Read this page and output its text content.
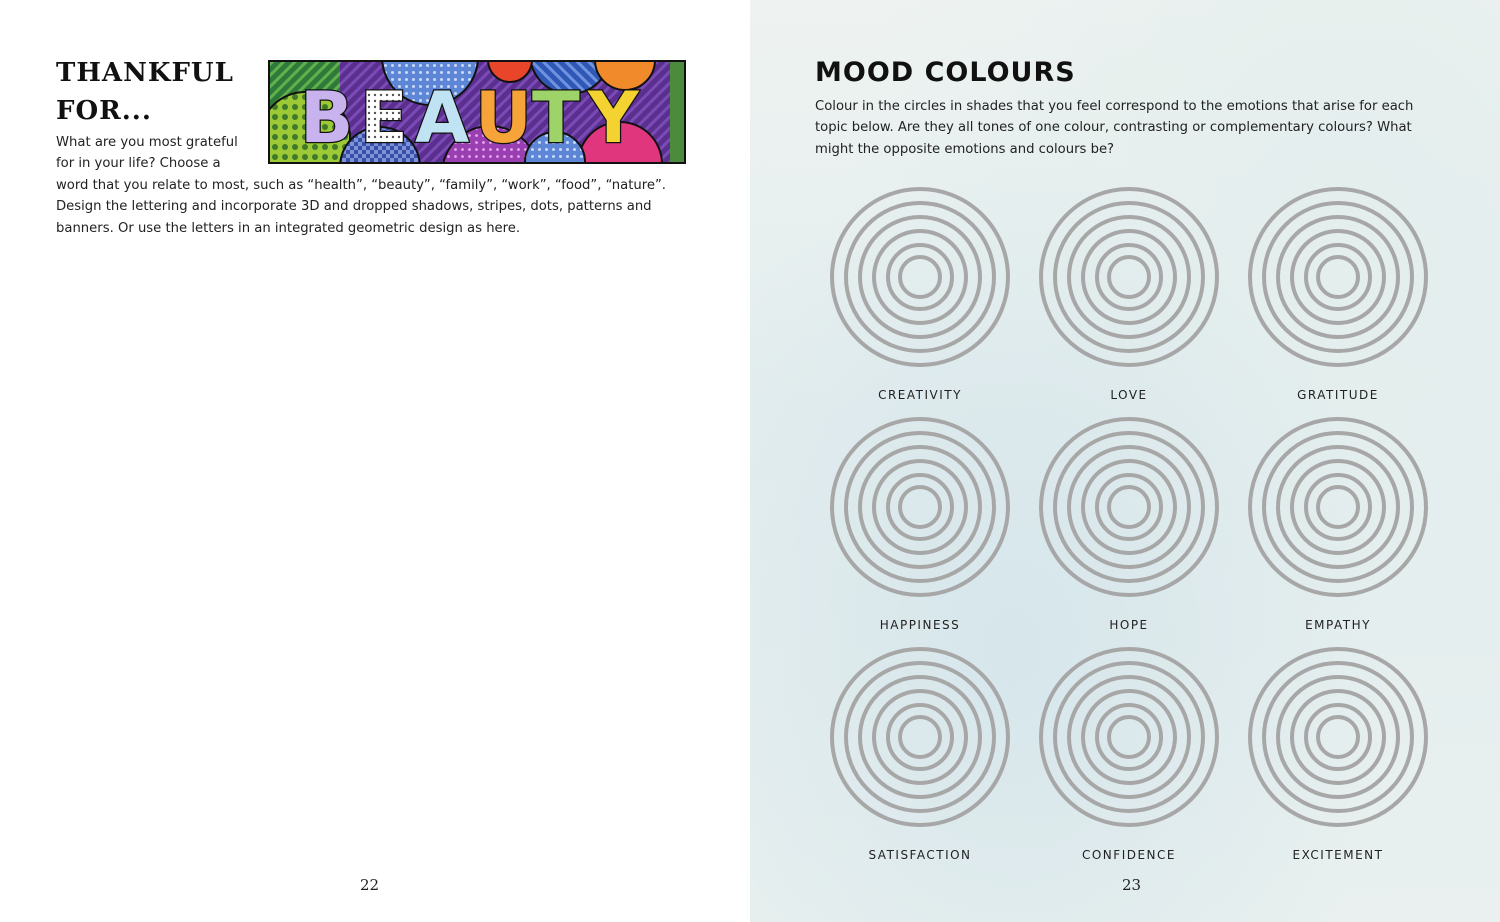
THANKFUL
FOR...	B E A U T Y

What are you most grateful for in your life? Choose a

word that you relate to most, such as “health”, “beauty”, “family”, “work”, “food”, “nature”. Design the lettering and incorporate 3D and dropped shadows, stripes, dots, patterns and banners. Or use the letters in an integrated geometric design as here.

22
MOOD COLOURS

Colour in the circles in shades that you feel correspond to the emotions that arise for each topic below. Are they all tones of one colour, contrasting or complementary colours? What might the opposite emotions and colours be?

CREATIVITY	LOVE	GRATITUDE
HAPPINESS	HOPE	EMPATHY
SATISFACTION	CONFIDENCE	EXCITEMENT
23
